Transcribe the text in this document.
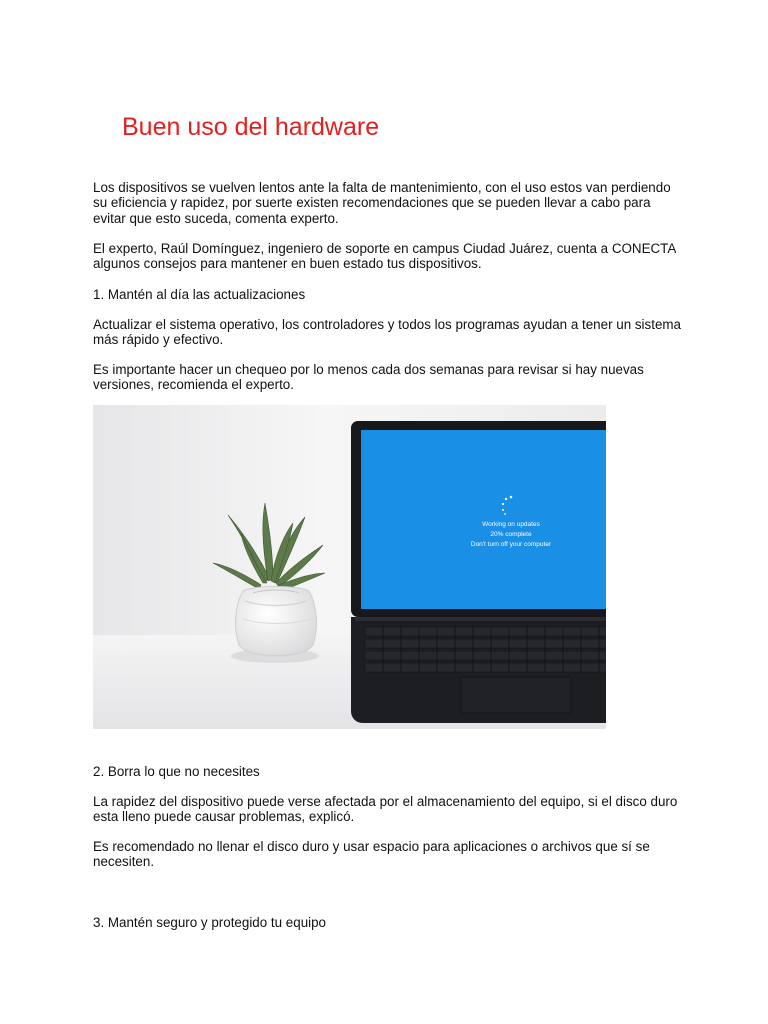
Buen uso del hardware

Los dispositivos se vuelven lentos ante la falta de mantenimiento, con el uso estos van perdiendo su eficiencia y rapidez, por suerte existen recomendaciones que se pueden llevar a cabo para evitar que esto suceda, comenta experto.

El experto, Raúl Domínguez, ingeniero de soporte en campus Ciudad Juárez, cuenta a CONECTA algunos consejos para mantener en buen estado tus dispositivos.

1. Mantén al día las actualizaciones

Actualizar el sistema operativo, los controladores y todos los programas ayudan a tener un sistema más rápido y efectivo.

Es importante hacer un chequeo por lo menos cada dos semanas para revisar si hay nuevas versiones, recomienda el experto.

Working on updates
20% complete
Don't turn off your computer

2. Borra lo que no necesites

La rapidez del dispositivo puede verse afectada por el almacenamiento del equipo, si el disco duro esta lleno puede causar problemas, explicó.

Es recomendado no llenar el disco duro y usar espacio para aplicaciones o archivos que sí se necesiten.

3. Mantén seguro y protegido tu equipo
